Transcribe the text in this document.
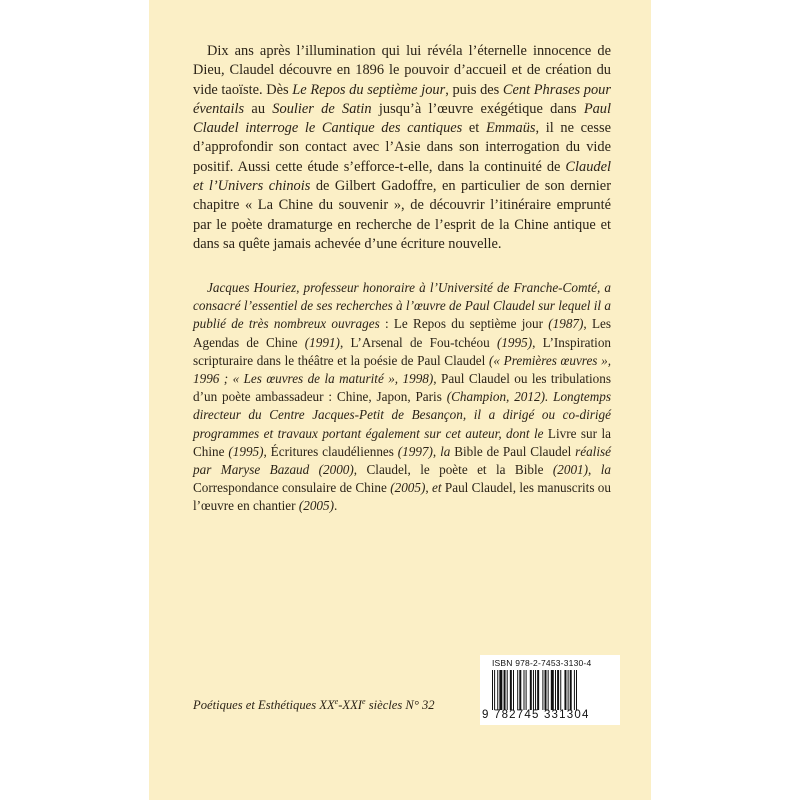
Dix ans après l’illumination qui lui révéla l’éternelle innocence de Dieu, Claudel découvre en 1896 le pouvoir d’accueil et de création du vide taoïste. Dès Le Repos du septième jour, puis des Cent Phrases pour éventails au Soulier de Satin jusqu’à l’œuvre exégétique dans Paul Claudel interroge le Cantique des cantiques et Emmaüs, il ne cesse d’approfondir son contact avec l’Asie dans son interrogation du vide positif. Aussi cette étude s’efforce-t-elle, dans la continuité de Claudel et l’Univers chinois de Gilbert Gadoffre, en particulier de son dernier chapitre « La Chine du souvenir », de découvrir l’itinéraire emprunté par le poète dramaturge en recherche de l’esprit de la Chine antique et dans sa quête jamais achevée d’une écriture nouvelle.

Jacques Houriez, professeur honoraire à l’Université de Franche-Comté, a consacré l’essentiel de ses recherches à l’œuvre de Paul Claudel sur lequel il a publié de très nombreux ouvrages : Le Repos du septième jour (1987), Les Agendas de Chine (1991), L’Arsenal de Fou-tchéou (1995), L’Inspiration scripturaire dans le théâtre et la poésie de Paul Claudel (« Premières œuvres », 1996 ; « Les œuvres de la maturité », 1998), Paul Claudel ou les tribulations d’un poète ambassadeur : Chine, Japon, Paris (Champion, 2012). Longtemps directeur du Centre Jacques-Petit de Besançon, il a dirigé ou co-dirigé programmes et travaux portant également sur cet auteur, dont le Livre sur la Chine (1995), Écritures claudéliennes (1997), la Bible de Paul Claudel réalisé par Maryse Bazaud (2000), Claudel, le poète et la Bible (2001), la Correspondance consulaire de Chine (2005), et Paul Claudel, les manuscrits ou l’œuvre en chantier (2005).

Poétiques et Esthétiques XXe-XXIe siècles N° 32
ISBN 978-2-7453-3130-4
9 782745 331304
